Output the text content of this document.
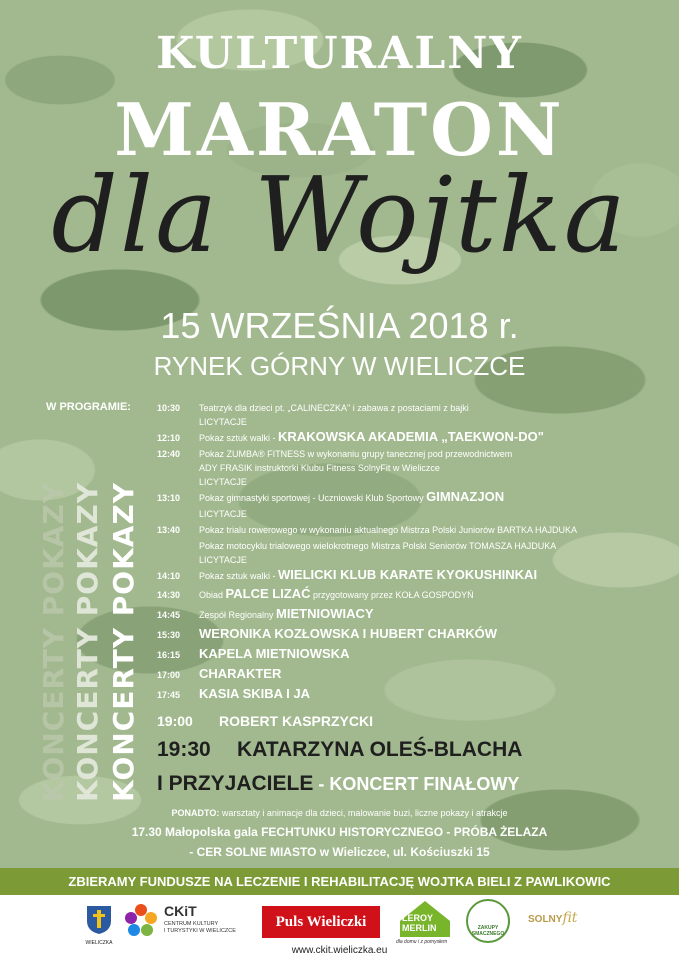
KULTURALNY
MARATON
dla Wojtka
15 WRZEŚNIA 2018 r.
RYNEK GÓRNY W WIELICZCE
W PROGRAMIE:
KONCERTY POKAZY KONCERTY POKAZY KONCERTY POKAZY
10:30 Teatrzyk dla dzieci pt. „CALINECZKA" i zabawa z postaciami z bajki
LICYTACJE
12:10 Pokaz sztuk walki - KRAKOWSKA AKADEMIA „TAEKWON-DO"
12:40 Pokaz ZUMBA® FITNESS w wykonaniu grupy tanecznej pod przewodnictwem
ADY FRASIK instruktorki Klubu Fitness SolnyFit w Wieliczce
LICYTACJE
13:10 Pokaz gimnastyki sportowej - Uczniowski Klub Sportowy GIMNAZJON
LICYTACJE
13:40 Pokaz trialu rowerowego w wykonaniu aktualnego Mistrza Polski Juniorów BARTKA HAJDUKA
Pokaz motocyklu trialowego wielokrotnego Mistrza Polski Seniorów TOMASZA HAJDUKA
LICYTACJE
14:10 Pokaz sztuk walki - WIELICKI KLUB KARATE KYOKUSHINKAI
14:30 Obiad PALCE LIZAĆ przygotowany przez KOŁA GOSPODYŃ
14:45 Zespół Regionalny MIETNIOWIACY
15:30 WERONIKA KOZŁOWSKA I HUBERT CHARKÓW
16:15 KAPELA MIETNIOWSKA
17:00 CHARAKTER
17:45 KASIA SKIBA I JA
19:00 ROBERT KASPRZYCKI
19:30 KATARZYNA OLEŚ-BLACHA
I PRZYJACIELE - KONCERT FINAŁOWY
PONADTO: warsztaty i animacje dla dzieci, malowanie buzi, liczne pokazy i atrakcje
17.30 Małopolska gala FECHTUNKU HISTORYCZNEGO - PRÓBA ŻELAZA
- CER SOLNE MIASTO w Wieliczce, ul. Kościuszki 15
ZBIERAMY FUNDUSZE NA LECZENIE I REHABILITACJĘ WOJTKA BIELI Z PAWLIKOWIC
WIELICZKA
CKiT
CENTRUM KULTURY
I TURYSTYKI W WIELICZCE
Puls Wieliczki	LEROY
MERLIN
dla domu i z pomysłem
ZAKUPY SMACZNEGO
SOLNYfit
www.ckit.wieliczka.eu
